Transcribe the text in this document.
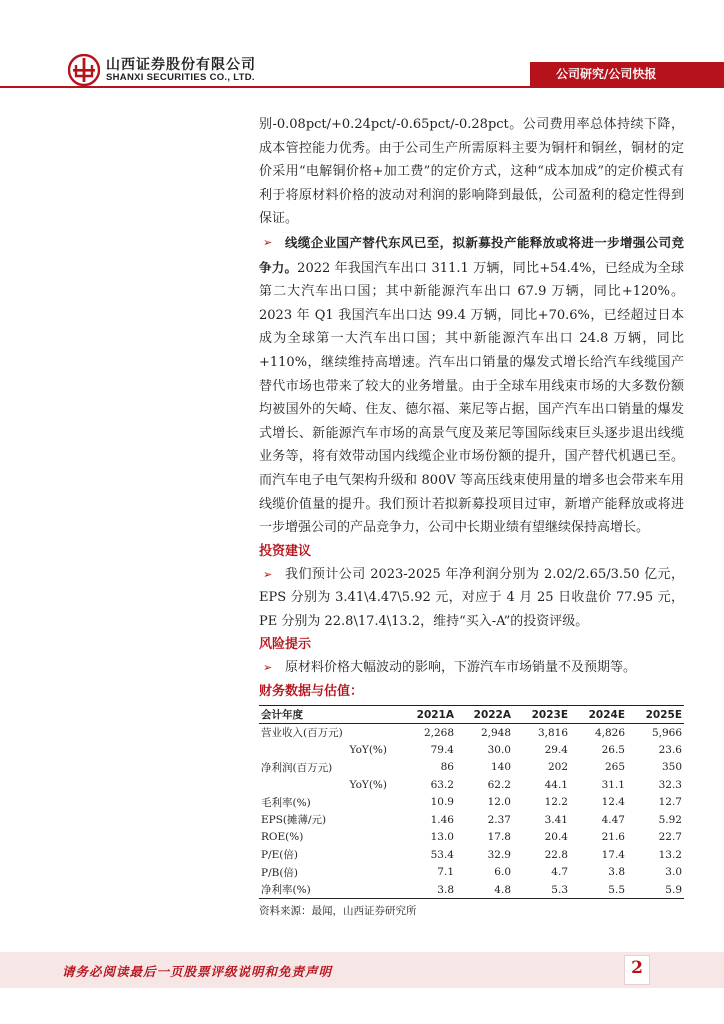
山西证券股份有限公司
SHANXI SECURITIES CO., LTD.	公司研究/公司快报

别-0.08pct/+0.24pct/-0.65pct/-0.28pct。公司费用率总体持续下降，成本管控能力优秀。由于公司生产所需原料主要为铜杆和铜丝，铜材的定价采用“电解铜价格+加工费”的定价方式，这种“成本加成”的定价模式有利于将原材料价格的波动对利润的影响降到最低，公司盈利的稳定性得到保证。

➢ 线缆企业国产替代东风已至，拟新募投产能释放或将进一步增强公司竞争力。2022 年我国汽车出口 311.1 万辆，同比+54.4%，已经成为全球第二大汽车出口国；其中新能源汽车出口 67.9 万辆，同比+120%。2023 年 Q1 我国汽车出口达 99.4 万辆，同比+70.6%，已经超过日本成为全球第一大汽车出口国；其中新能源汽车出口 24.8 万辆，同比+110%，继续维持高增速。汽车出口销量的爆发式增长给汽车线缆国产替代市场也带来了较大的业务增量。由于全球车用线束市场的大多数份额均被国外的矢崎、住友、德尔福、莱尼等占据，国产汽车出口销量的爆发式增长、新能源汽车市场的高景气度及莱尼等国际线束巨头逐步退出线缆业务等，将有效带动国内线缆企业市场份额的提升，国产替代机遇已至。而汽车电子电气架构升级和 800V 等高压线束使用量的增多也会带来车用线缆价值量的提升。我们预计若拟新募投项目过审，新增产能释放或将进一步增强公司的产品竞争力，公司中长期业绩有望继续保持高增长。

投资建议

➢ 我们预计公司 2023-2025 年净利润分别为 2.02/2.65/3.50 亿元，EPS 分别为 3.41\4.47\5.92 元，对应于 4 月 25 日收盘价 77.95 元，PE 分别为 22.8\17.4\13.2，维持“买入-A”的投资评级。

风险提示

➢ 原材料价格大幅波动的影响，下游汽车市场销量不及预期等。

财务数据与估值：
会计年度	2021A	2022A	2023E	2024E	2025E
营业收入(百万元)	2,268	2,948	3,816	4,826	5,966
YoY(%)	79.4	30.0	29.4	26.5	23.6
净利润(百万元)	86	140	202	265	350
YoY(%)	63.2	62.2	44.1	31.1	32.3
毛利率(%)	10.9	12.0	12.2	12.4	12.7
EPS(摊薄/元)	1.46	2.37	3.41	4.47	5.92
ROE(%)	13.0	17.8	20.4	21.6	22.7
P/E(倍)	53.4	32.9	22.8	17.4	13.2
P/B(倍)	7.1	6.0	4.7	3.8	3.0
净利率(%)	3.8	4.8	5.3	5.5	5.9
资料来源：最闻，山西证券研究所
请务必阅读最后一页股票评级说明和免责声明	2
